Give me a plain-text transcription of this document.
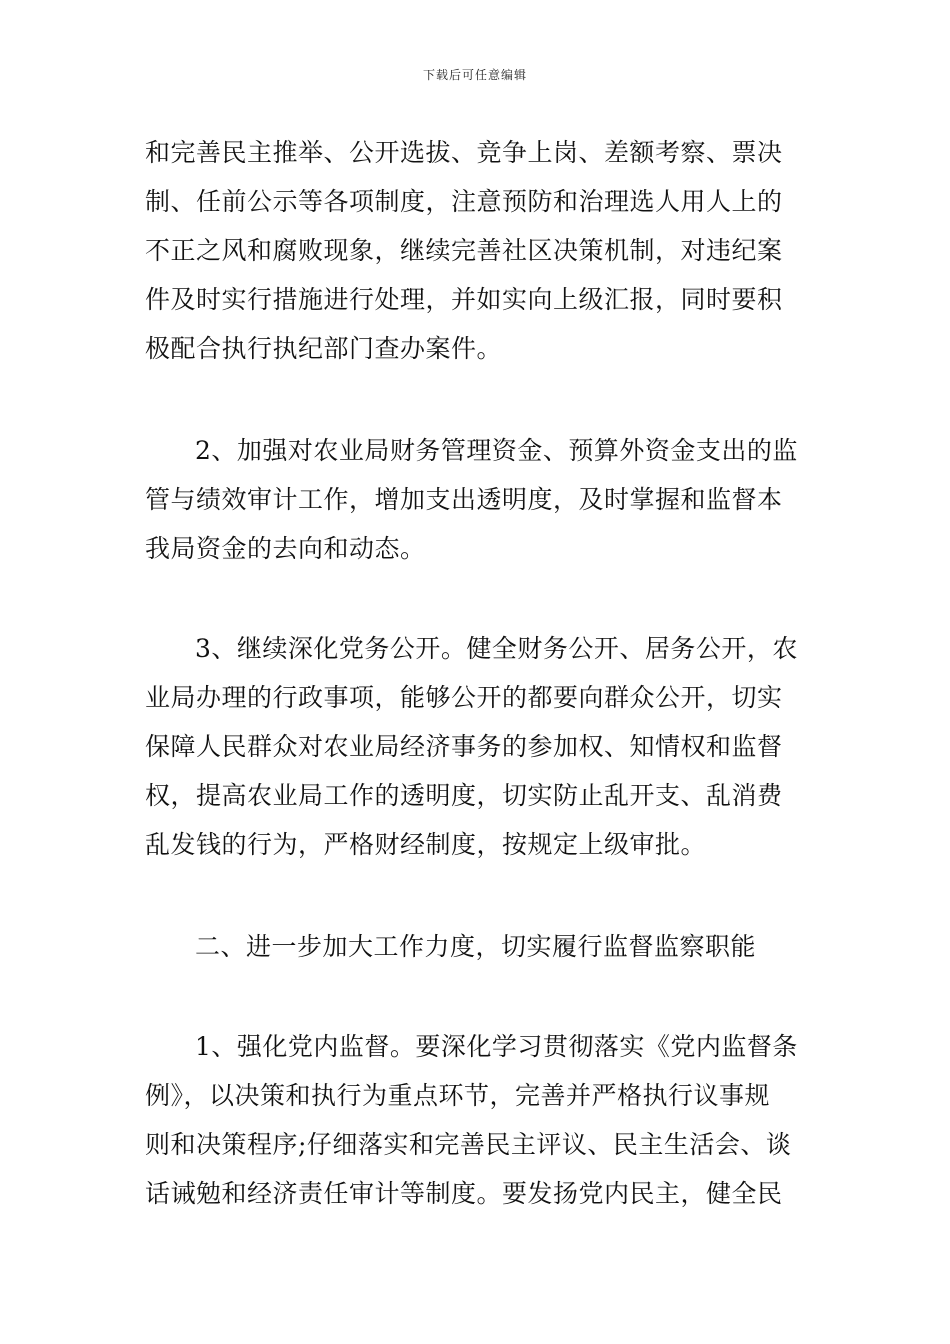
下载后可任意编辑
和完善民主推举、公开选拔、竞争上岗、差额考察、票决
制、任前公示等各项制度，注意预防和治理选人用人上的
不正之风和腐败现象，继续完善社区决策机制，对违纪案
件及时实行措施进行处理，并如实向上级汇报，同时要积
极配合执行执纪部门查办案件。
2、加强对农业局财务管理资金、预算外资金支出的监
管与绩效审计工作，增加支出透明度，及时掌握和监督本
我局资金的去向和动态。
3、继续深化党务公开。健全财务公开、居务公开，农
业局办理的行政事项，能够公开的都要向群众公开，切实
保障人民群众对农业局经济事务的参加权、知情权和监督
权，提高农业局工作的透明度，切实防止乱开支、乱消费
乱发钱的行为，严格财经制度，按规定上级审批。
二、进一步加大工作力度，切实履行监督监察职能
1、强化党内监督。要深化学习贯彻落实《党内监督条
例》，以决策和执行为重点环节，完善并严格执行议事规
则和决策程序;仔细落实和完善民主评议、民主生活会、谈
话诫勉和经济责任审计等制度。要发扬党内民主，健全民
